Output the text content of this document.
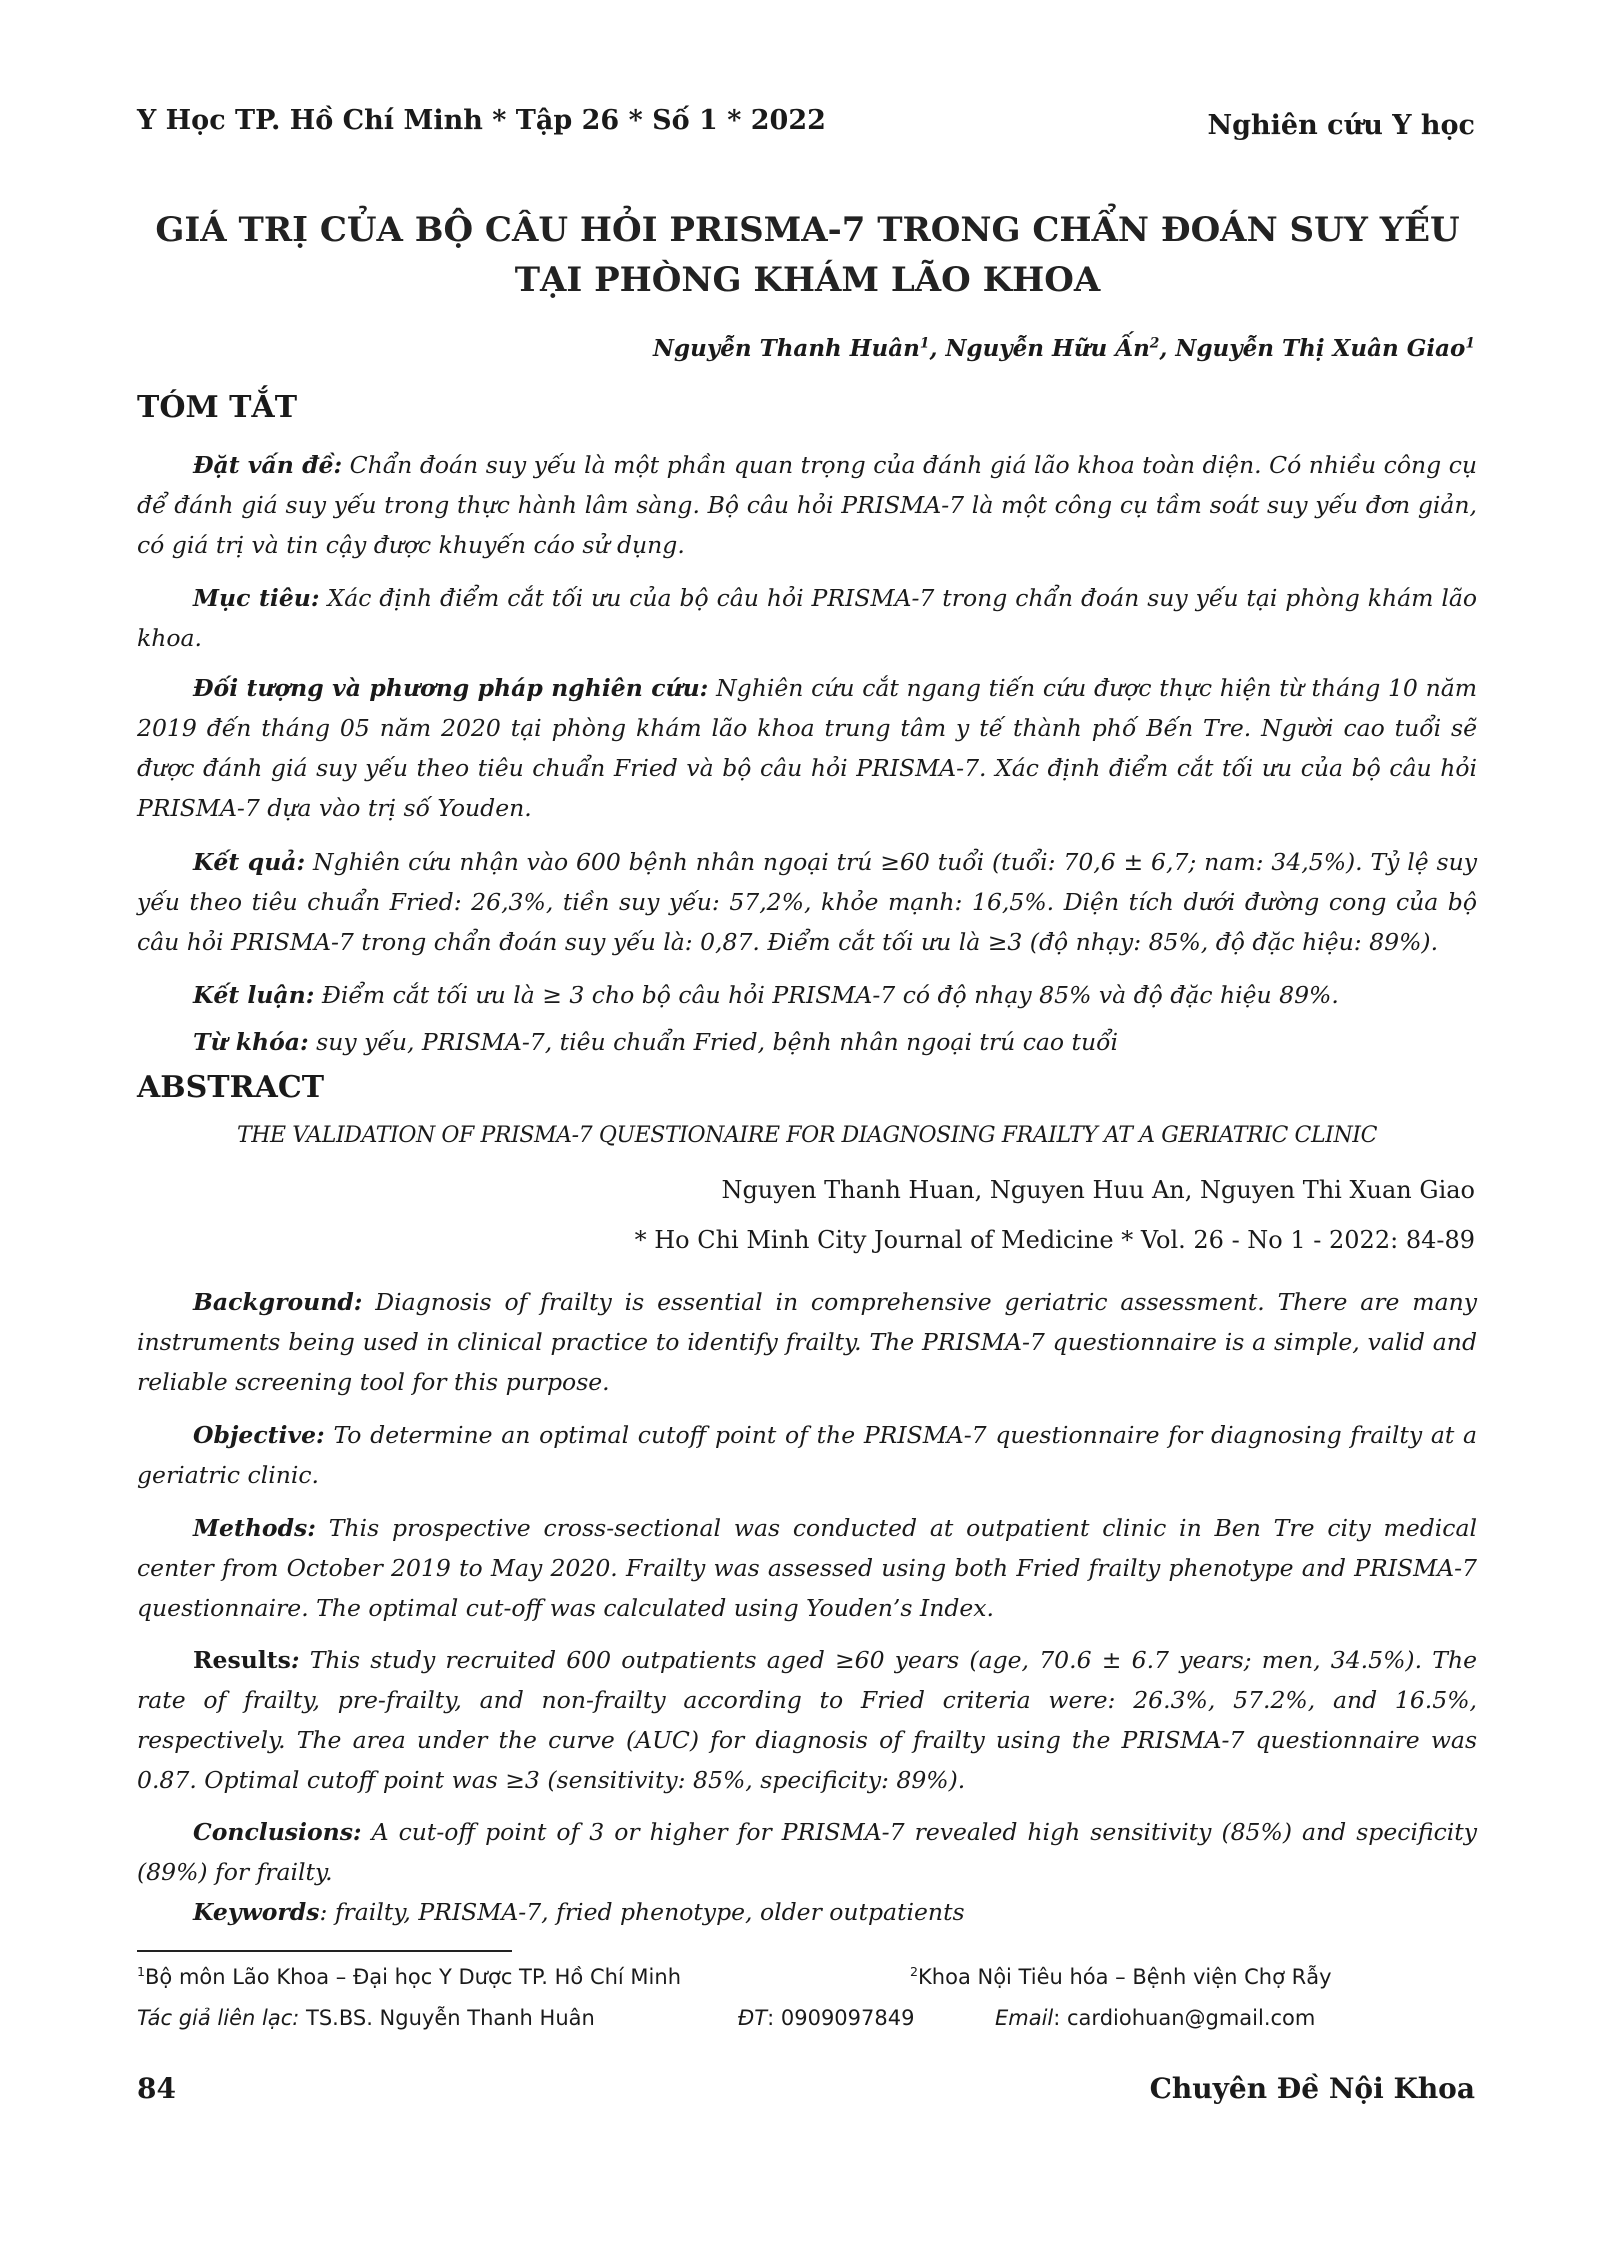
Y Học TP. Hồ Chí Minh * Tập 26 * Số 1 * 2022	Nghiên cứu Y học
GIÁ TRỊ CỦA BỘ CÂU HỎI PRISMA-7 TRONG CHẨN ĐOÁN SUY YẾU
TẠI PHÒNG KHÁM LÃO KHOA
Nguyễn Thanh Huân$^1$, Nguyễn Hữu Ấn$^2$, Nguyễn Thị Xuân Giao$^1$
TÓM TẮT
Đặt vấn đề: Chẩn đoán suy yếu là một phần quan trọng của đánh giá lão khoa toàn diện. Có nhiều công cụ để đánh giá suy yếu trong thực hành lâm sàng. Bộ câu hỏi PRISMA-7 là một công cụ tầm soát suy yếu đơn giản, có giá trị và tin cậy được khuyến cáo sử dụng.
Mục tiêu: Xác định điểm cắt tối ưu của bộ câu hỏi PRISMA-7 trong chẩn đoán suy yếu tại phòng khám lão khoa.
Đối tượng và phương pháp nghiên cứu: Nghiên cứu cắt ngang tiến cứu được thực hiện từ tháng 10 năm 2019 đến tháng 05 năm 2020 tại phòng khám lão khoa trung tâm y tế thành phố Bến Tre. Người cao tuổi sẽ được đánh giá suy yếu theo tiêu chuẩn Fried và bộ câu hỏi PRISMA-7. Xác định điểm cắt tối ưu của bộ câu hỏi PRISMA-7 dựa vào trị số Youden.
Kết quả: Nghiên cứu nhận vào 600 bệnh nhân ngoại trú ≥60 tuổi (tuổi: 70,6 ± 6,7; nam: 34,5%). Tỷ lệ suy yếu theo tiêu chuẩn Fried: 26,3%, tiền suy yếu: 57,2%, khỏe mạnh: 16,5%. Diện tích dưới đường cong của bộ câu hỏi PRISMA-7 trong chẩn đoán suy yếu là: 0,87. Điểm cắt tối ưu là ≥3 (độ nhạy: 85%, độ đặc hiệu: 89%).
Kết luận: Điểm cắt tối ưu là ≥ 3 cho bộ câu hỏi PRISMA-7 có độ nhạy 85% và độ đặc hiệu 89%.
Từ khóa: suy yếu, PRISMA-7, tiêu chuẩn Fried, bệnh nhân ngoại trú cao tuổi
ABSTRACT
THE VALIDATION OF PRISMA-7 QUESTIONAIRE FOR DIAGNOSING FRAILTY AT A GERIATRIC CLINIC
Nguyen Thanh Huan, Nguyen Huu An, Nguyen Thi Xuan Giao
* Ho Chi Minh City Journal of Medicine * Vol. 26 - No 1 - 2022: 84-89
Background: Diagnosis of frailty is essential in comprehensive geriatric assessment. There are many instruments being used in clinical practice to identify frailty. The PRISMA-7 questionnaire is a simple, valid and reliable screening tool for this purpose.
Objective: To determine an optimal cutoff point of the PRISMA-7 questionnaire for diagnosing frailty at a geriatric clinic.
Methods: This prospective cross-sectional was conducted at outpatient clinic in Ben Tre city medical center from October 2019 to May 2020. Frailty was assessed using both Fried frailty phenotype and PRISMA-7 questionnaire. The optimal cut-off was calculated using Youden’s Index.
Results: This study recruited 600 outpatients aged ≥60 years (age, 70.6 ± 6.7 years; men, 34.5%). The rate of frailty, pre-frailty, and non-frailty according to Fried criteria were: 26.3%, 57.2%, and 16.5%, respectively. The area under the curve (AUC) for diagnosis of frailty using the PRISMA-7 questionnaire was 0.87. Optimal cutoff point was ≥3 (sensitivity: 85%, specificity: 89%).
Conclusions: A cut-off point of 3 or higher for PRISMA-7 revealed high sensitivity (85%) and specificity (89%) for frailty.
Keywords: frailty, PRISMA-7, fried phenotype, older outpatients
$^1$Bộ môn Lão Khoa – Đại học Y Dược TP. Hồ Chí Minh	$^2$Khoa Nội Tiêu hóa – Bệnh viện Chợ Rẫy
Tác giả liên lạc: TS.BS. Nguyễn Thanh Huân	ĐT: 0909097849	Email: cardiohuan@gmail.com
84	Chuyên Đề Nội Khoa
